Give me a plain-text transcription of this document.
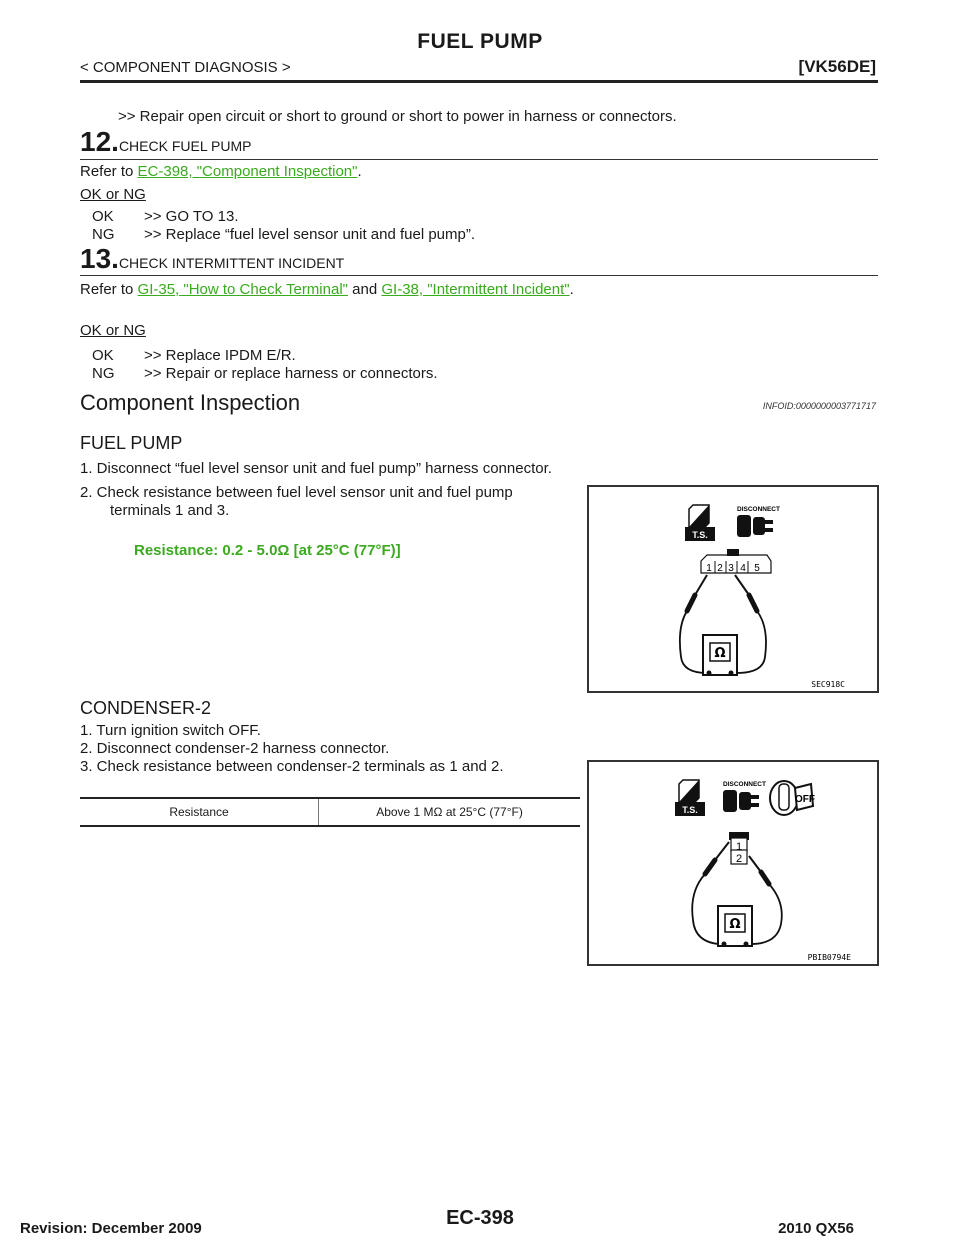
FUEL PUMP
< COMPONENT DIAGNOSIS >	[VK56DE]
>> Repair open circuit or short to ground or short to power in harness or connectors.
12.CHECK FUEL PUMP
Refer to EC-398, "Component Inspection".
OK or NG
OK >> GO TO 13.
NG >> Replace “fuel level sensor unit and fuel pump”.
13.CHECK INTERMITTENT INCIDENT
Refer to GI-35, "How to Check Terminal" and GI-38, "Intermittent Incident".
OK or NG
OK >> Replace IPDM E/R.
NG >> Repair or replace harness or connectors.
Component Inspection	INFOID:0000000003771717
FUEL PUMP
1. Disconnect “fuel level sensor unit and fuel pump” harness connector.
2. Check resistance between fuel level sensor unit and fuel pump
terminals 1 and 3.
Resistance: 0.2 - 5.0Ω [at 25°C (77°F)]
T.S.
DISCONNECT
1 2 3 4 5
Ω
SEC918C
CONDENSER-2
1. Turn ignition switch OFF.
2. Disconnect condenser-2 harness connector.
3. Check resistance between condenser-2 terminals as 1 and 2.
Resistance	Above 1 MΩ at 25°C (77°F)	T.S.
DISCONNECT
OFF
1
2
Ω
PBIB0794E
Revision: December 2009	EC-398	2010 QX56
